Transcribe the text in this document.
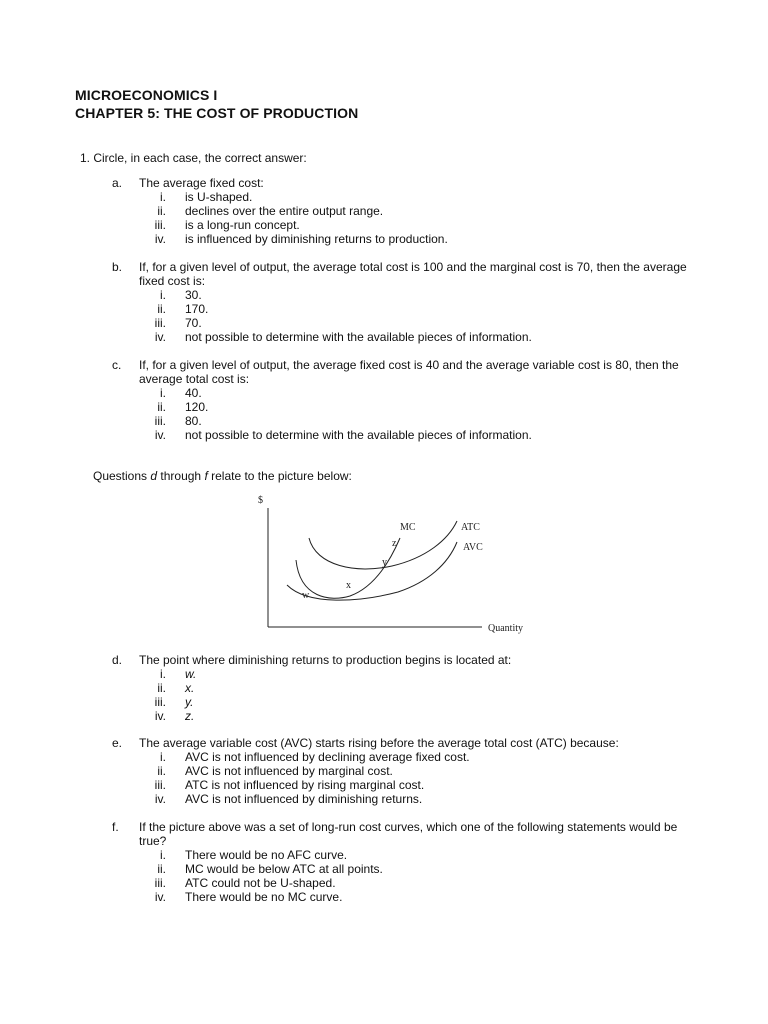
MICROECONOMICS I
CHAPTER 5: THE COST OF PRODUCTION
1. Circle, in each case, the correct answer:
a. The average fixed cost:
i. is U-shaped.
ii. declines over the entire output range.
iii. is a long-run concept.
iv. is influenced by diminishing returns to production.
b. If, for a given level of output, the average total cost is 100 and the marginal cost is 70, then the average fixed cost is:
i. 30.
ii. 170.
iii. 70.
iv. not possible to determine with the available pieces of information.
c. If, for a given level of output, the average fixed cost is 40 and the average variable cost is 80, then the average total cost is:
i. 40.
ii. 120.
iii. 80.
iv. not possible to determine with the available pieces of information.
Questions d through f relate to the picture below:
$
Quantity
MC	ATC
AVC
w
x
y
z
d. The point where diminishing returns to production begins is located at:
i. w.
ii. x.
iii. y.
iv. z.
e. The average variable cost (AVC) starts rising before the average total cost (ATC) because:
i. AVC is not influenced by declining average fixed cost.
ii. AVC is not influenced by marginal cost.
iii. ATC is not influenced by rising marginal cost.
iv. AVC is not influenced by diminishing returns.
f.	If the picture above was a set of long-run cost curves, which one of the following statements would be true?
i. There would be no AFC curve.
ii. MC would be below ATC at all points.
iii. ATC could not be U-shaped.
iv. There would be no MC curve.
